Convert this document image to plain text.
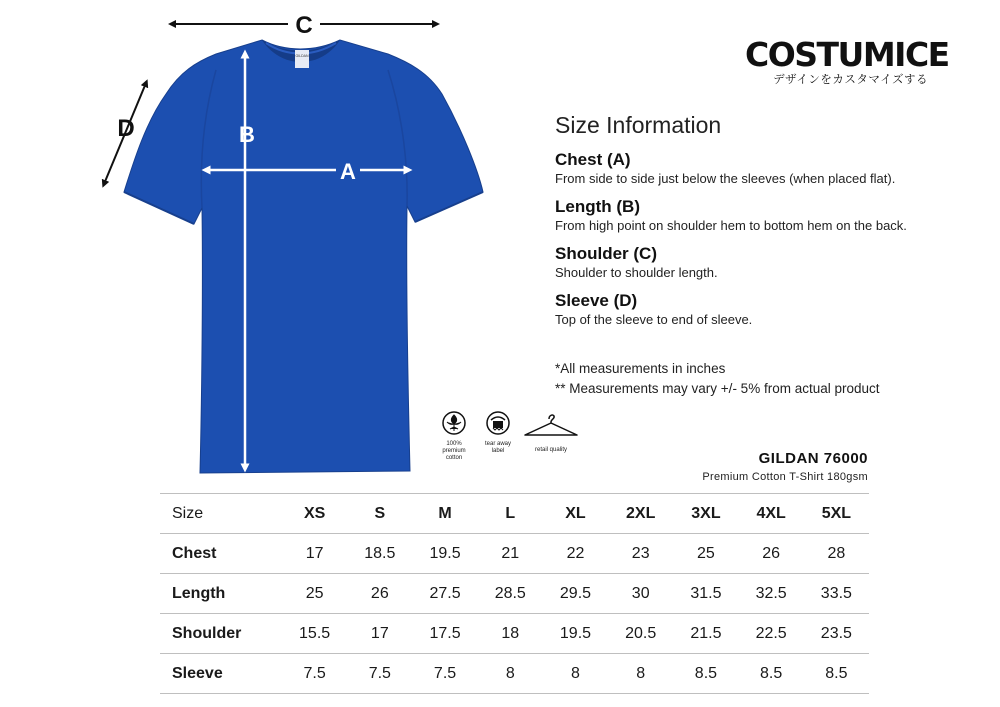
GILDAN
C
D	B
A
COSTUMICE
デザインをカスタマイズする
Size Information
Chest (A)
From side to side just below the sleeves (when placed flat).
Length (B)
From high point on shoulder hem to bottom hem on the back.
Shoulder (C)
Shoulder to shoulder length.
Sleeve (D)
Top of the sleeve to end of sleeve.
*All measurements in inches
** Measurements may vary +/- 5% from actual product
100% premium cotton
tear away label	retail quality	GILDAN 76000
Premium Cotton T-Shirt 180gsm
Size	XS	S	M	L	XL	2XL	3XL	4XL	5XL
Chest	17	18.5	19.5	21	22	23	25	26	28
Length	25	26	27.5	28.5	29.5	30	31.5	32.5	33.5
Shoulder	15.5	17	17.5	18	19.5	20.5	21.5	22.5	23.5
Sleeve	7.5	7.5	7.5	8	8	8	8.5	8.5	8.5
